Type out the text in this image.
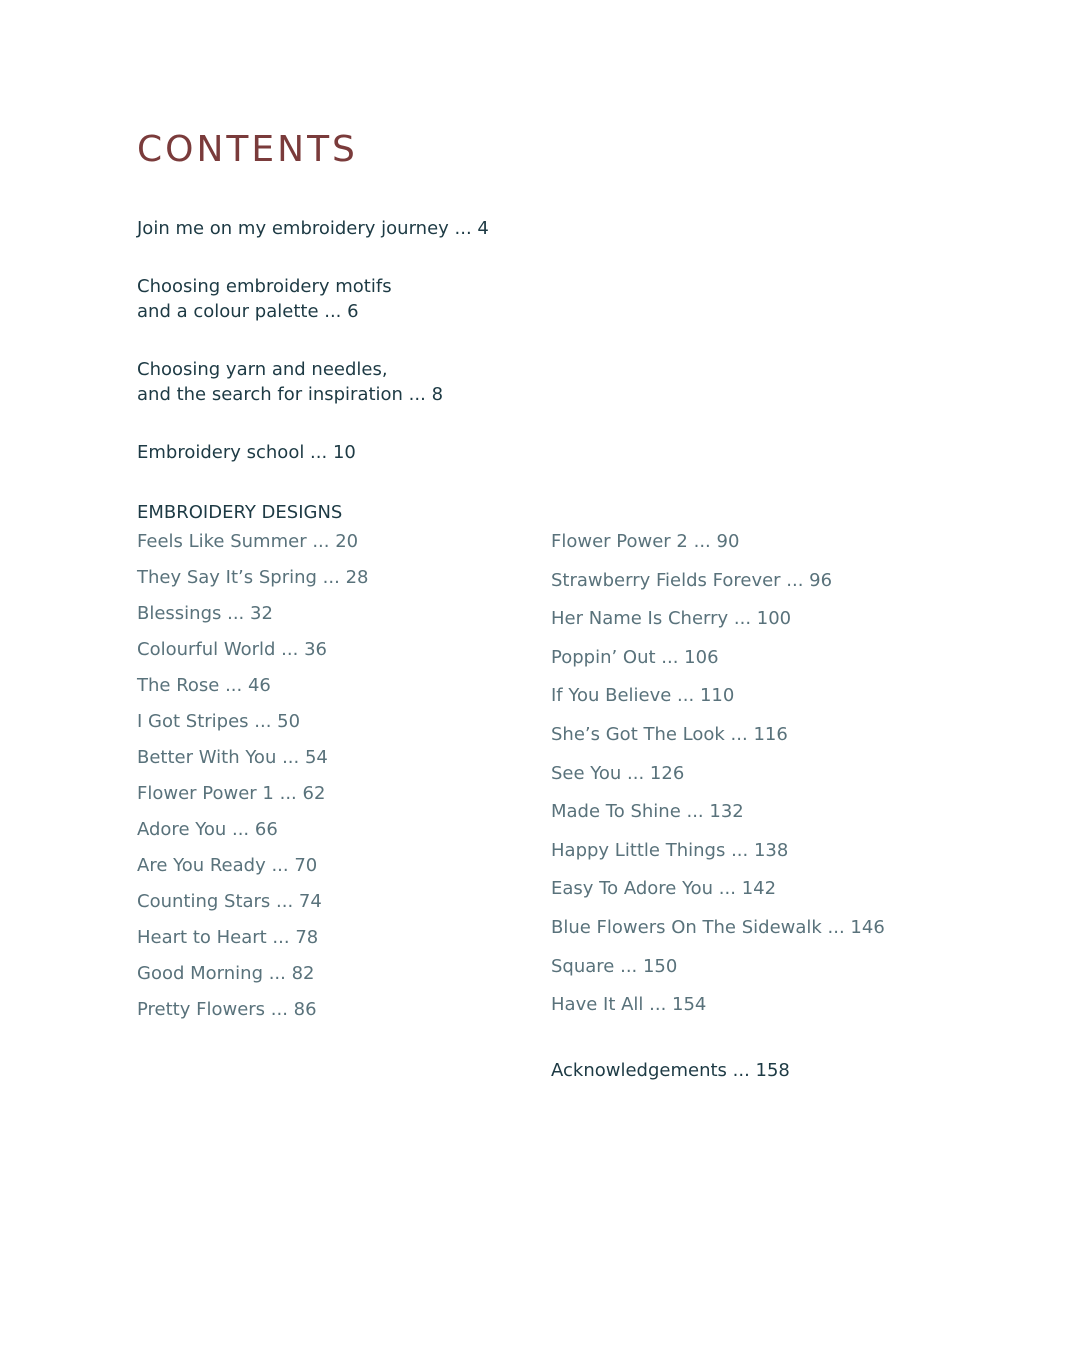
CONTENTS
Join me on my embroidery journey ... 4
Choosing embroidery motifs
and a colour palette ... 6
Choosing yarn and needles,
and the search for inspiration ... 8
Embroidery school ... 10
EMBROIDERY DESIGNS
Feels Like Summer ... 20
They Say It’s Spring ... 28
Blessings ... 32
Colourful World ... 36
The Rose ... 46
I Got Stripes ... 50
Better With You ... 54
Flower Power 1 ... 62
Adore You ... 66
Are You Ready ... 70
Counting Stars ... 74
Heart to Heart ... 78
Good Morning ... 82
Pretty Flowers ... 86
Flower Power 2 ... 90
Strawberry Fields Forever ... 96
Her Name Is Cherry ... 100
Poppin’ Out ... 106
If You Believe ... 110
She’s Got The Look ... 116
See You ... 126
Made To Shine ... 132
Happy Little Things ... 138
Easy To Adore You ... 142
Blue Flowers On The Sidewalk ... 146
Square ... 150
Have It All ... 154

Acknowledgements ... 158
